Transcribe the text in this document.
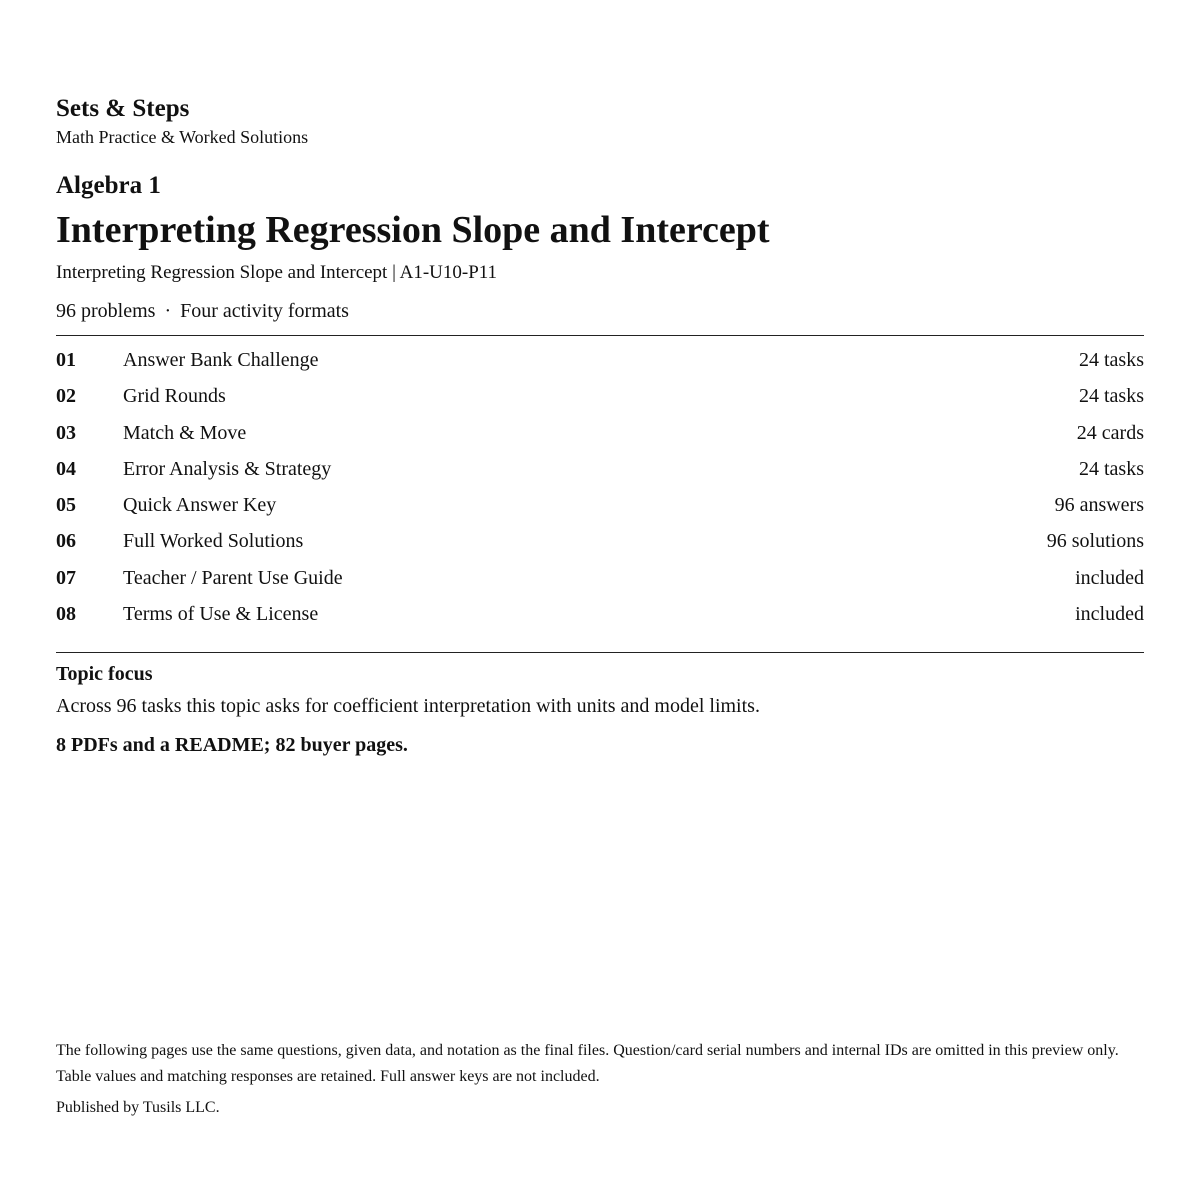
Sets & Steps
Math Practice & Worked Solutions
Algebra 1
Interpreting Regression Slope and Intercept
Interpreting Regression Slope and Intercept | A1-U10-P11
96 problems · Four activity formats
01 Answer Bank Challenge	24 tasks
02 Grid Rounds	24 tasks
03 Match & Move	24 cards
04 Error Analysis & Strategy	24 tasks
05 Quick Answer Key	96 answers
06 Full Worked Solutions	96 solutions
07 Teacher / Parent Use Guide	included
08 Terms of Use & License	included
Topic focus
Across 96 tasks this topic asks for coefficient interpretation with units and model limits.
8 PDFs and a README; 82 buyer pages.
The following pages use the same questions, given data, and notation as the final files. Question/card serial numbers and internal IDs are omitted in this preview only. Table values and matching responses are retained. Full answer keys are not included.
Published by Tusils LLC.
